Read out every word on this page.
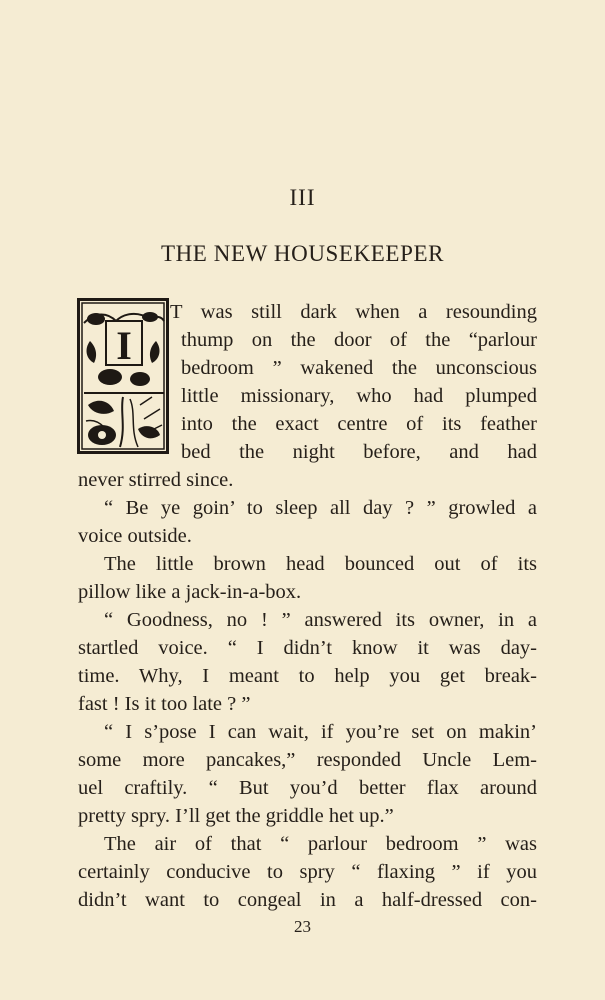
III
THE NEW HOUSEKEEPER
I
T was still dark when a resounding
thump on the door of the “parlour
bedroom ” wakened the unconscious
little missionary, who had plumped
into the exact centre of its feather
bed the night before, and had
never stirred since.
“ Be ye goin’ to sleep all day ? ” growled a
voice outside.
The little brown head bounced out of its
pillow like a jack-in-a-box.
“ Goodness, no ! ” answered its owner, in a
startled voice. “ I didn’t know it was day-
time. Why, I meant to help you get break-
fast ! Is it too late ? ”
“ I s’pose I can wait, if you’re set on makin’
some more pancakes,” responded Uncle Lem-
uel craftily. “ But you’d better flax around
pretty spry. I’ll get the griddle het up.”
The air of that “ parlour bedroom ” was
certainly conducive to spry “ flaxing ” if you
didn’t want to congeal in a half-dressed con-
23
